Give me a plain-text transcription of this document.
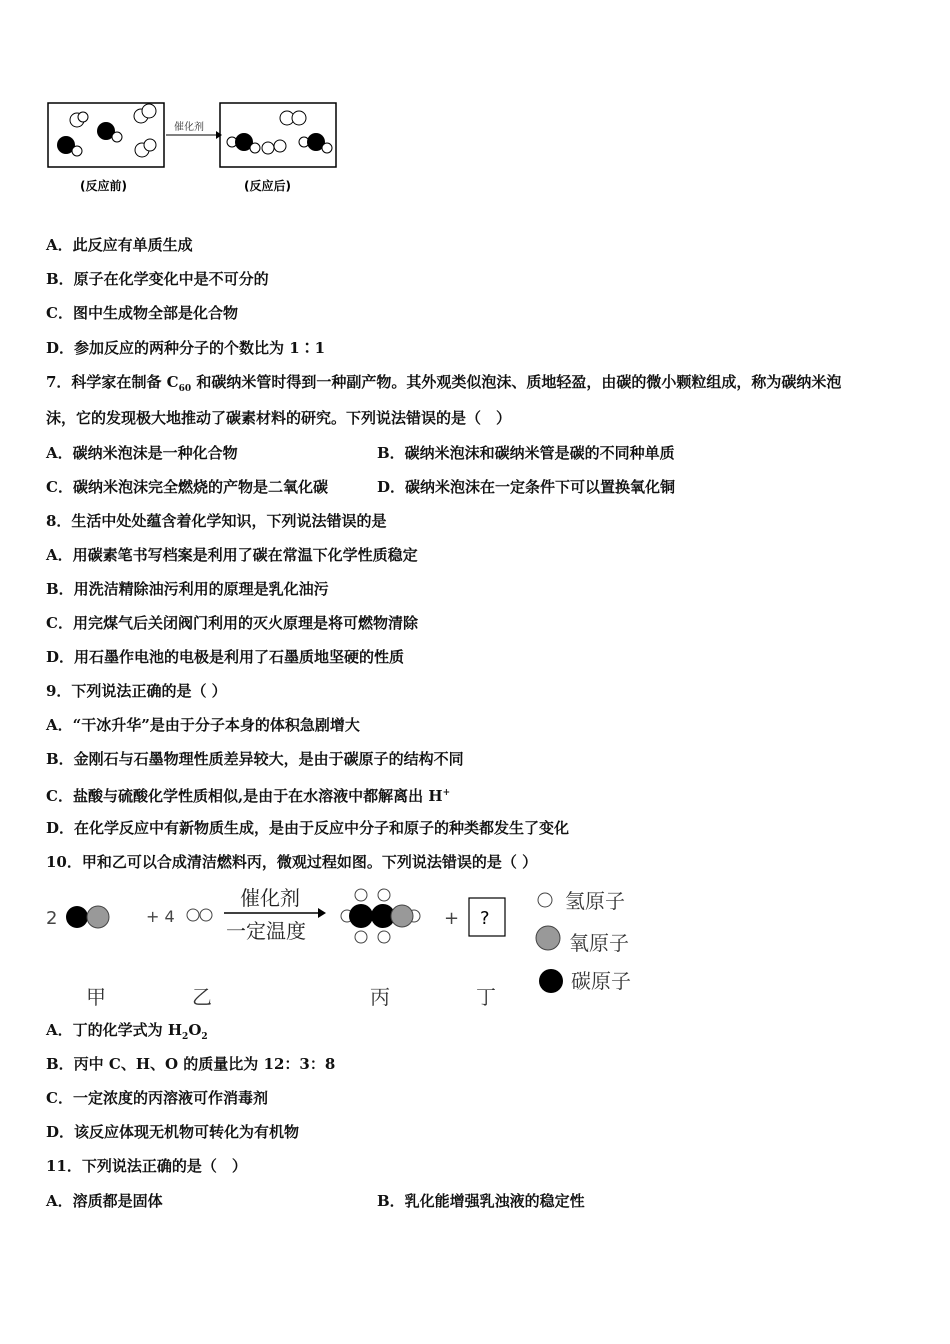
催化剂
(反应前)	(反应后)
A．此反应有单质生成
B．原子在化学变化中是不可分的
C．图中生成物全部是化合物
D．参加反应的两种分子的个数比为 1∶1
7．科学家在制备 $C_{60}$ 和碳纳米管时得到一种副产物。其外观类似泡沫、质地轻盈，由碳的微小颗粒组成，称为碳纳米泡
沫，它的发现极大地推动了碳素材料的研究。下列说法错误的是（　）
A．碳纳米泡沫是一种化合物	B．碳纳米泡沫和碳纳米管是碳的不同种单质
C．碳纳米泡沫完全燃烧的产物是二氧化碳	D．碳纳米泡沫在一定条件下可以置换氧化铜
8．生活中处处蕴含着化学知识，下列说法错误的是
A．用碳素笔书写档案是利用了碳在常温下化学性质稳定
B．用洗洁精除油污利用的原理是乳化油污
C．用完煤气后关闭阀门利用的灭火原理是将可燃物清除
D．用石墨作电池的电极是利用了石墨质地坚硬的性质
9．下列说法正确的是（ ）
A．“干冰升华”是由于分子本身的体积急剧增大
B．金刚石与石墨物理性质差异较大，是由于碳原子的结构不同
C．盐酸与硫酸化学性质相似,是由于在水溶液中都解离出 H+
D．在化学反应中有新物质生成，是由于反应中分子和原子的种类都发生了变化
10．甲和乙可以合成清洁燃料丙，微观过程如图。下列说法错误的是（ ）
2	+ 4
催化剂
一定温度
+ ?
氢原子
氧原子
碳原子
甲	乙	丙	丁
A．丁的化学式为 $H_2O_2$
B．丙中 C、H、O 的质量比为 12：3：8
C．一定浓度的丙溶液可作消毒剂
D．该反应体现无机物可转化为有机物
11．下列说法正确的是（　）
A．溶质都是固体	B．乳化能增强乳浊液的稳定性
